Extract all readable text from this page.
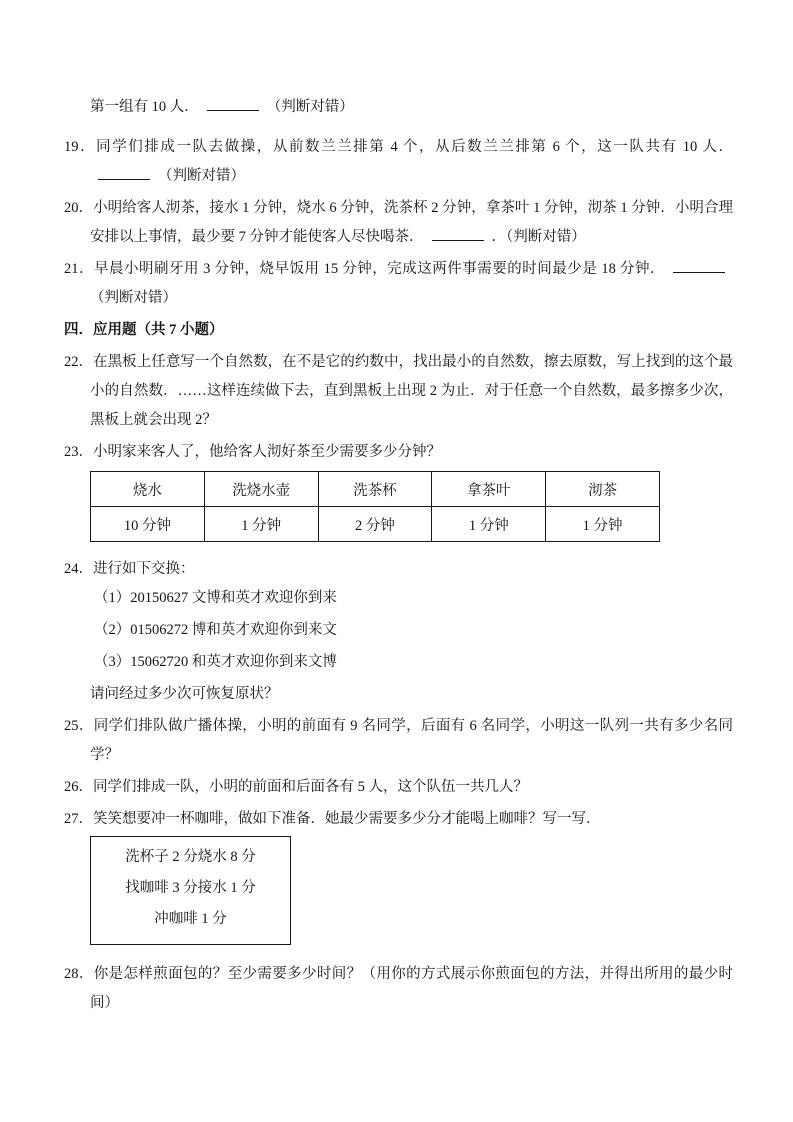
第一组有 10 人．	（判断对错）

19．同学们排成一队去做操，从前数兰兰排第 4 个，从后数兰兰排第 6 个，这一队共有 10 人．（判断对错）

20．小明给客人沏茶，接水 1 分钟，烧水 6 分钟，洗茶杯 2 分钟，拿茶叶 1 分钟，沏茶 1 分钟．小明合理安排以上事情，最少要 7 分钟才能使客人尽快喝茶．	．（判断对错）

21．早晨小明刷牙用 3 分钟，烧早饭用 15 分钟，完成这两件事需要的时间最少是 18 分钟．（判断对错）

四．应用题（共 7 小题）

22．在黑板上任意写一个自然数，在不是它的约数中，找出最小的自然数，擦去原数，写上找到的这个最小的自然数．……这样连续做下去，直到黑板上出现 2 为止．对于任意一个自然数，最多擦多少次，黑板上就会出现 2？

23．小明家来客人了，他给客人沏好茶至少需要多少分钟？

烧水	洗烧水壶	洗茶杯	拿茶叶	沏茶
10 分钟	1 分钟	2 分钟	1 分钟	1 分钟

24．进行如下交换：

（1）20150627 文博和英才欢迎你到来

（2）01506272 博和英才欢迎你到来文

（3）15062720 和英才欢迎你到来文博

请问经过多少次可恢复原状？

25．同学们排队做广播体操，小明的前面有 9 名同学，后面有 6 名同学，小明这一队列一共有多少名同学？

26．同学们排成一队，小明的前面和后面各有 5 人，这个队伍一共几人？

27．笑笑想要冲一杯咖啡，做如下准备．她最少需要多少分才能喝上咖啡？写一写．

洗杯子 2 分烧水 8 分
找咖啡 3 分接水 1 分
冲咖啡 1 分

28．你是怎样煎面包的？至少需要多少时间？（用你的方式展示你煎面包的方法，并得出所用的最少时间）
